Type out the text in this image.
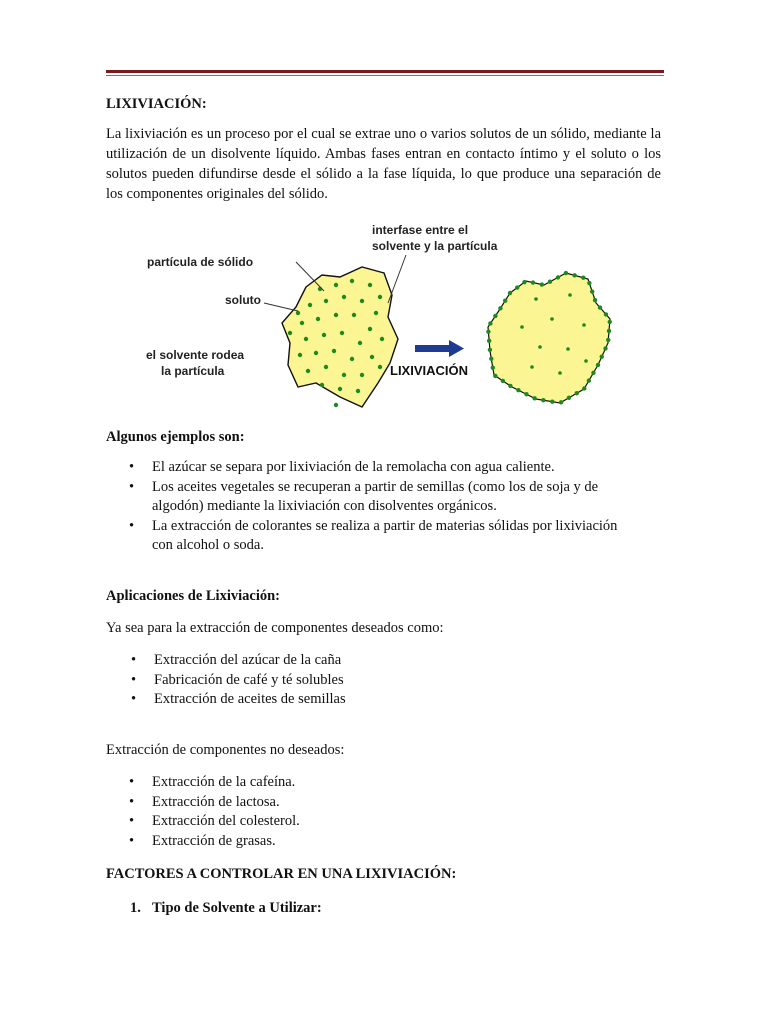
LIXIVIACIÓN:
La lixiviación es un proceso por el cual se extrae uno o varios solutos de un sólido, mediante la utilización de un disolvente líquido. Ambas fases entran en contacto íntimo y el soluto o los solutos pueden difundirse desde el sólido a la fase líquida, lo que produce una separación de los componentes originales del sólido.
partícula de sólido
soluto
el solvente rodea
la partícula
interfase entre el
solvente y la partícula
LIXIVIACIÓN
Algunos ejemplos son:
• El azúcar se separa por lixiviación de la remolacha con agua caliente.
• Los aceites vegetales se recuperan a partir de semillas (como los de soja y de algodón) mediante la lixiviación con disolventes orgánicos.
• La extracción de colorantes se realiza a partir de materias sólidas por lixiviación con alcohol o soda.
Aplicaciones de Lixiviación:
Ya sea para la extracción de componentes deseados como:
• Extracción del azúcar de la caña
• Fabricación de café y té solubles
• Extracción de aceites de semillas
Extracción de componentes no deseados:
• Extracción de la cafeína.
• Extracción de lactosa.
• Extracción del colesterol.
• Extracción de grasas.
FACTORES A CONTROLAR EN UNA LIXIVIACIÓN:
1. Tipo de Solvente a Utilizar:
